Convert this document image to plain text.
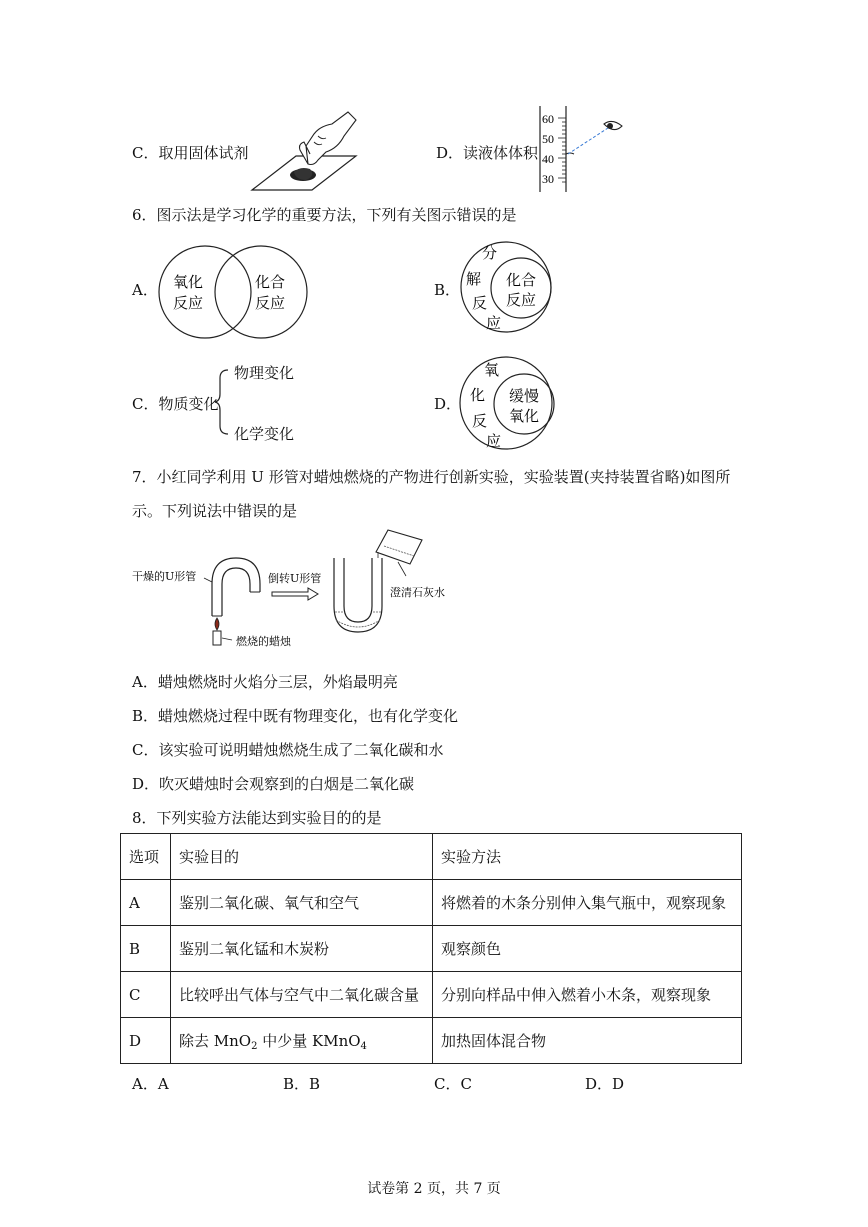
C．取用固体试剂	D．读液体体积
60
50
40
30
6．图示法是学习化学的重要方法，下列有关图示错误的是
A． 氧化
反应
化合
反应
B．
分
解
反
应
化合
反应
C．物质变化
物理变化
化学变化
D．
氧
化
反
应
缓慢
氧化
7．小红同学利用 U 形管对蜡烛燃烧的产物进行创新实验，实验装置(夹持装置省略)如图所
示。下列说法中错误的是
干燥的U形管
燃烧的蜡烛
倒转U形管
澄清石灰水
A．蜡烛燃烧时火焰分三层，外焰最明亮
B．蜡烛燃烧过程中既有物理变化，也有化学变化
C．该实验可说明蜡烛燃烧生成了二氧化碳和水
D．吹灭蜡烛时会观察到的白烟是二氧化碳
8．下列实验方法能达到实验目的的是
选项	实验目的	实验方法
A	鉴别二氧化碳、氧气和空气	将燃着的木条分别伸入集气瓶中，观察现象
B	鉴别二氧化锰和木炭粉	观察颜色
C	比较呼出气体与空气中二氧化碳含量	分别向样品中伸入燃着小木条，观察现象
D	除去 MnO$_2$ 中少量 KMnO$_4$	加热固体混合物
A．A	B．B	C．C	D．D
试卷第 2 页，共 7 页
